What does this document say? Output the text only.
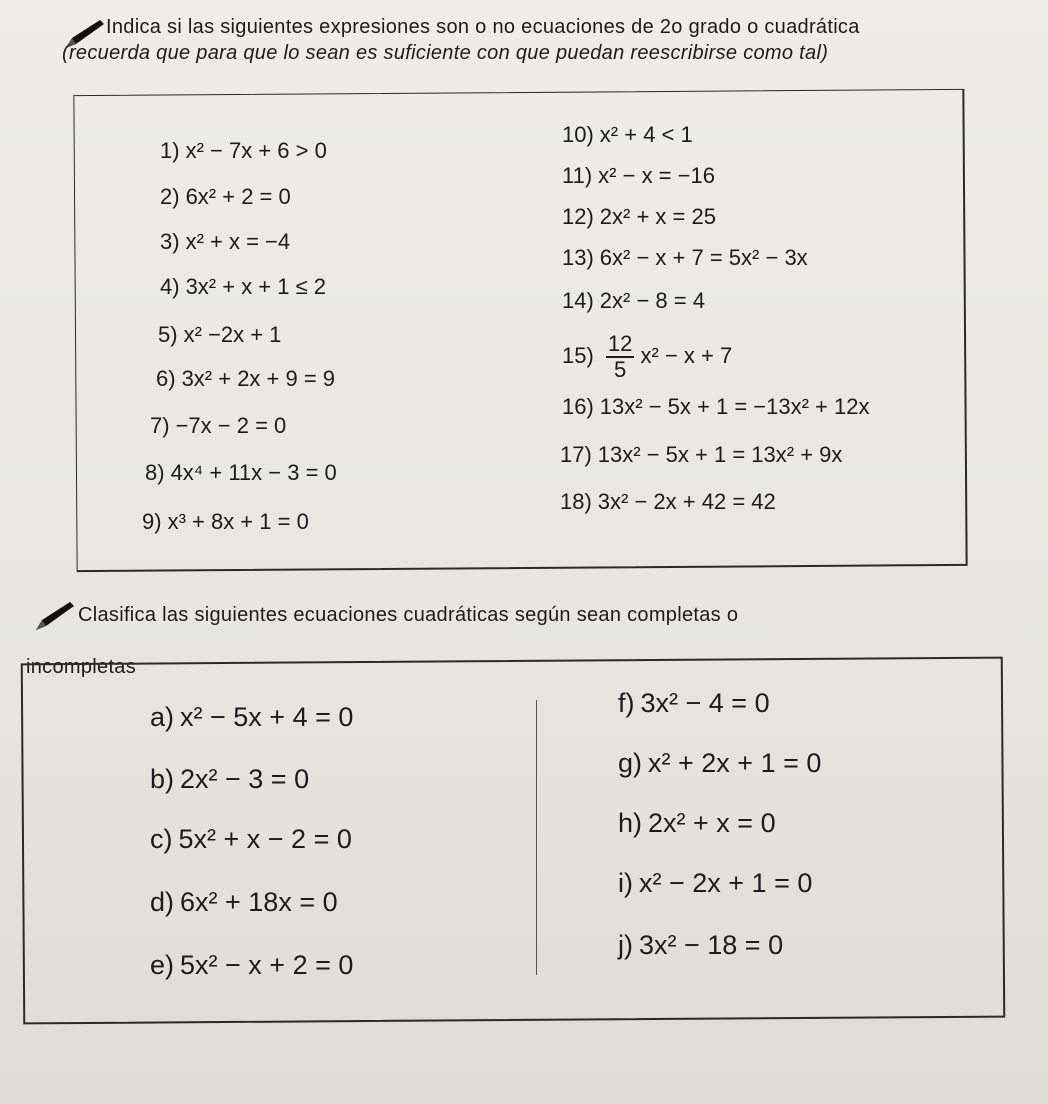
Indica si las siguientes expresiones son o no ecuaciones de 2o grado o cuadrática
(recuerda que para que lo sean es suficiente con que puedan reescribirse como tal)
1) x² − 7x + 6 > 0
2) 6x² + 2 = 0
3) x² + x = −4
4) 3x² + x + 1 ≤ 2
5) x² −2x + 1
6) 3x² + 2x + 9 = 9
7) −7x − 2 = 0
8) 4x⁴ + 11x − 3 = 0
9) x³ + 8x + 1 = 0
10) x² + 4 < 1
11) x² − x = −16
12) 2x² + x = 25
13) 6x² − x + 7 = 5x² − 3x
14) 2x² − 8 = 4
$15) \frac{12}{5} x^2 - x + 7$
16) 13x² − 5x + 1 = −13x² + 12x
17) 13x² − 5x + 1 = 13x² + 9x
18) 3x² − 2x + 42 = 42
Clasifica las siguientes ecuaciones cuadráticas según sean completas o
incompletas
a) x² − 5x + 4 = 0
b) 2x² − 3 = 0
c) 5x² + x − 2 = 0
d) 6x² + 18x = 0
e) 5x² − x + 2 = 0
f) 3x² − 4 = 0
g) x² + 2x + 1 = 0
h) 2x² + x = 0
i) x² − 2x + 1 = 0
j) 3x² − 18 = 0
